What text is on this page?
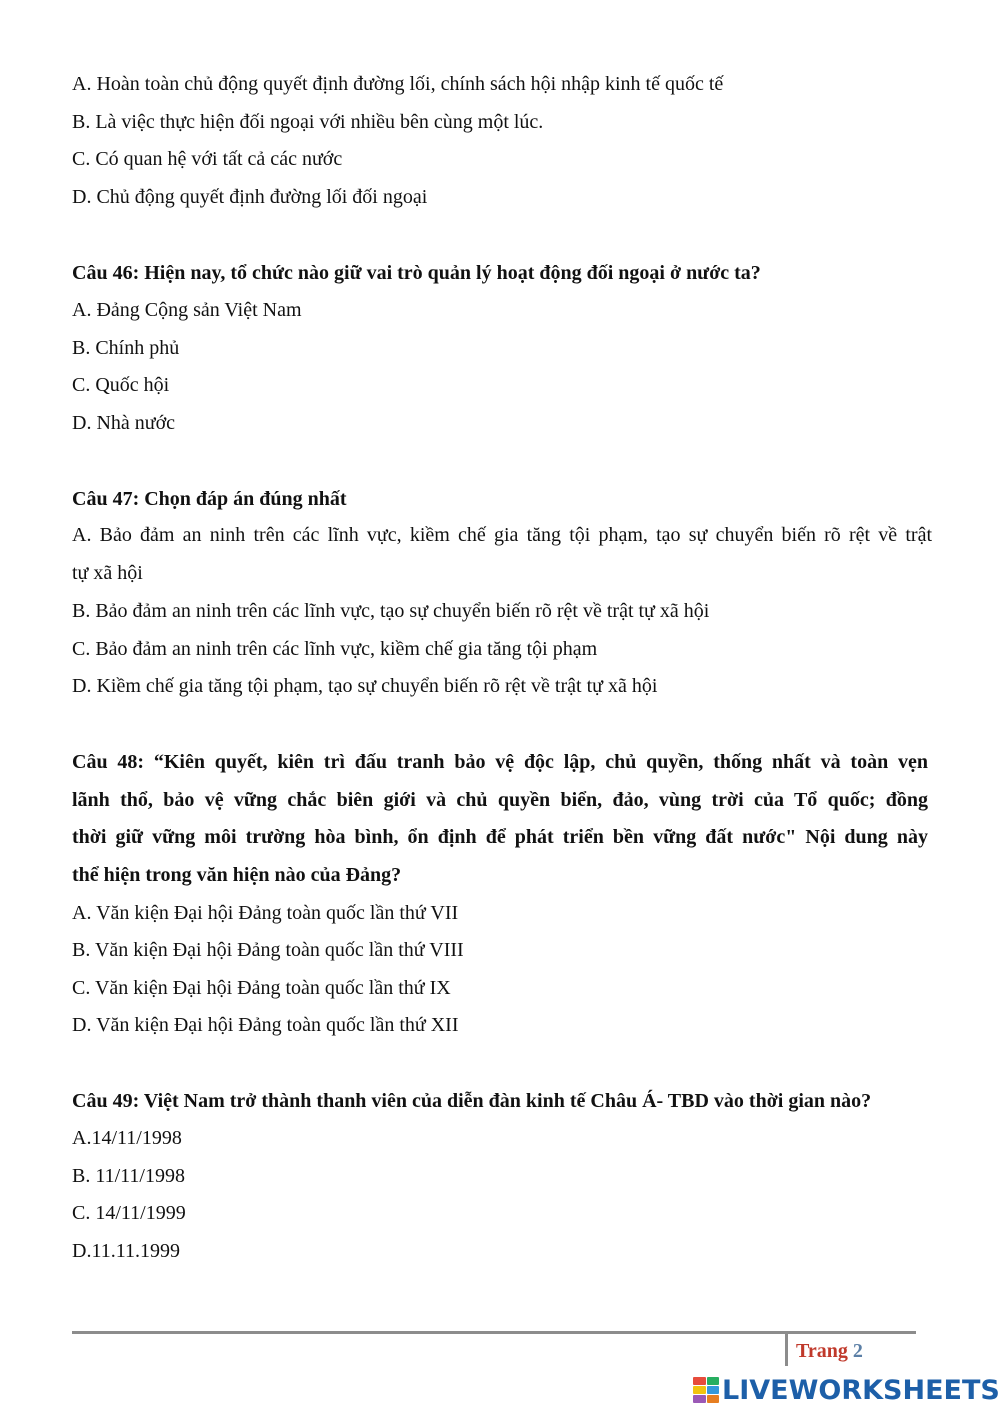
A. Hoàn toàn chủ động quyết định đường lối, chính sách hội nhập kinh tế quốc tế
B. Là việc thực hiện đối ngoại với nhiều bên cùng một lúc.
C. Có quan hệ với tất cả các nước
D. Chủ động quyết định đường lối đối ngoại
Câu 46: Hiện nay, tổ chức nào giữ vai trò quản lý hoạt động đối ngoại ở nước ta?
A. Đảng Cộng sản Việt Nam
B. Chính phủ
C. Quốc hội
D. Nhà nước
Câu 47: Chọn đáp án đúng nhất
A. Bảo đảm an ninh trên các lĩnh vực, kiềm chế gia tăng tội phạm, tạo sự chuyển biến rõ rệt về trật
tự xã hội
B. Bảo đảm an ninh trên các lĩnh vực, tạo sự chuyển biến rõ rệt về trật tự xã hội
C. Bảo đảm an ninh trên các lĩnh vực, kiềm chế gia tăng tội phạm
D. Kiềm chế gia tăng tội phạm, tạo sự chuyển biến rõ rệt về trật tự xã hội
Câu 48: “Kiên quyết, kiên trì đấu tranh bảo vệ độc lập, chủ quyền, thống nhất và toàn vẹn
lãnh thổ, bảo vệ vững chắc biên giới và chủ quyền biển, đảo, vùng trời của Tổ quốc; đồng
thời giữ vững môi trường hòa bình, ổn định để phát triển bền vững đất nước" Nội dung này
thể hiện trong văn hiện nào của Đảng?
A. Văn kiện Đại hội Đảng toàn quốc lần thứ VII
B. Văn kiện Đại hội Đảng toàn quốc lần thứ VIII
C. Văn kiện Đại hội Đảng toàn quốc lần thứ IX
D. Văn kiện Đại hội Đảng toàn quốc lần thứ XII
Câu 49: Việt Nam trở thành thanh viên của diễn đàn kinh tế Châu Á- TBD vào thời gian nào?
A.14/11/1998
B. 11/11/1998
C. 14/11/1999
D.11.11.1999
Trang 2
LIVEWORKSHEETS
